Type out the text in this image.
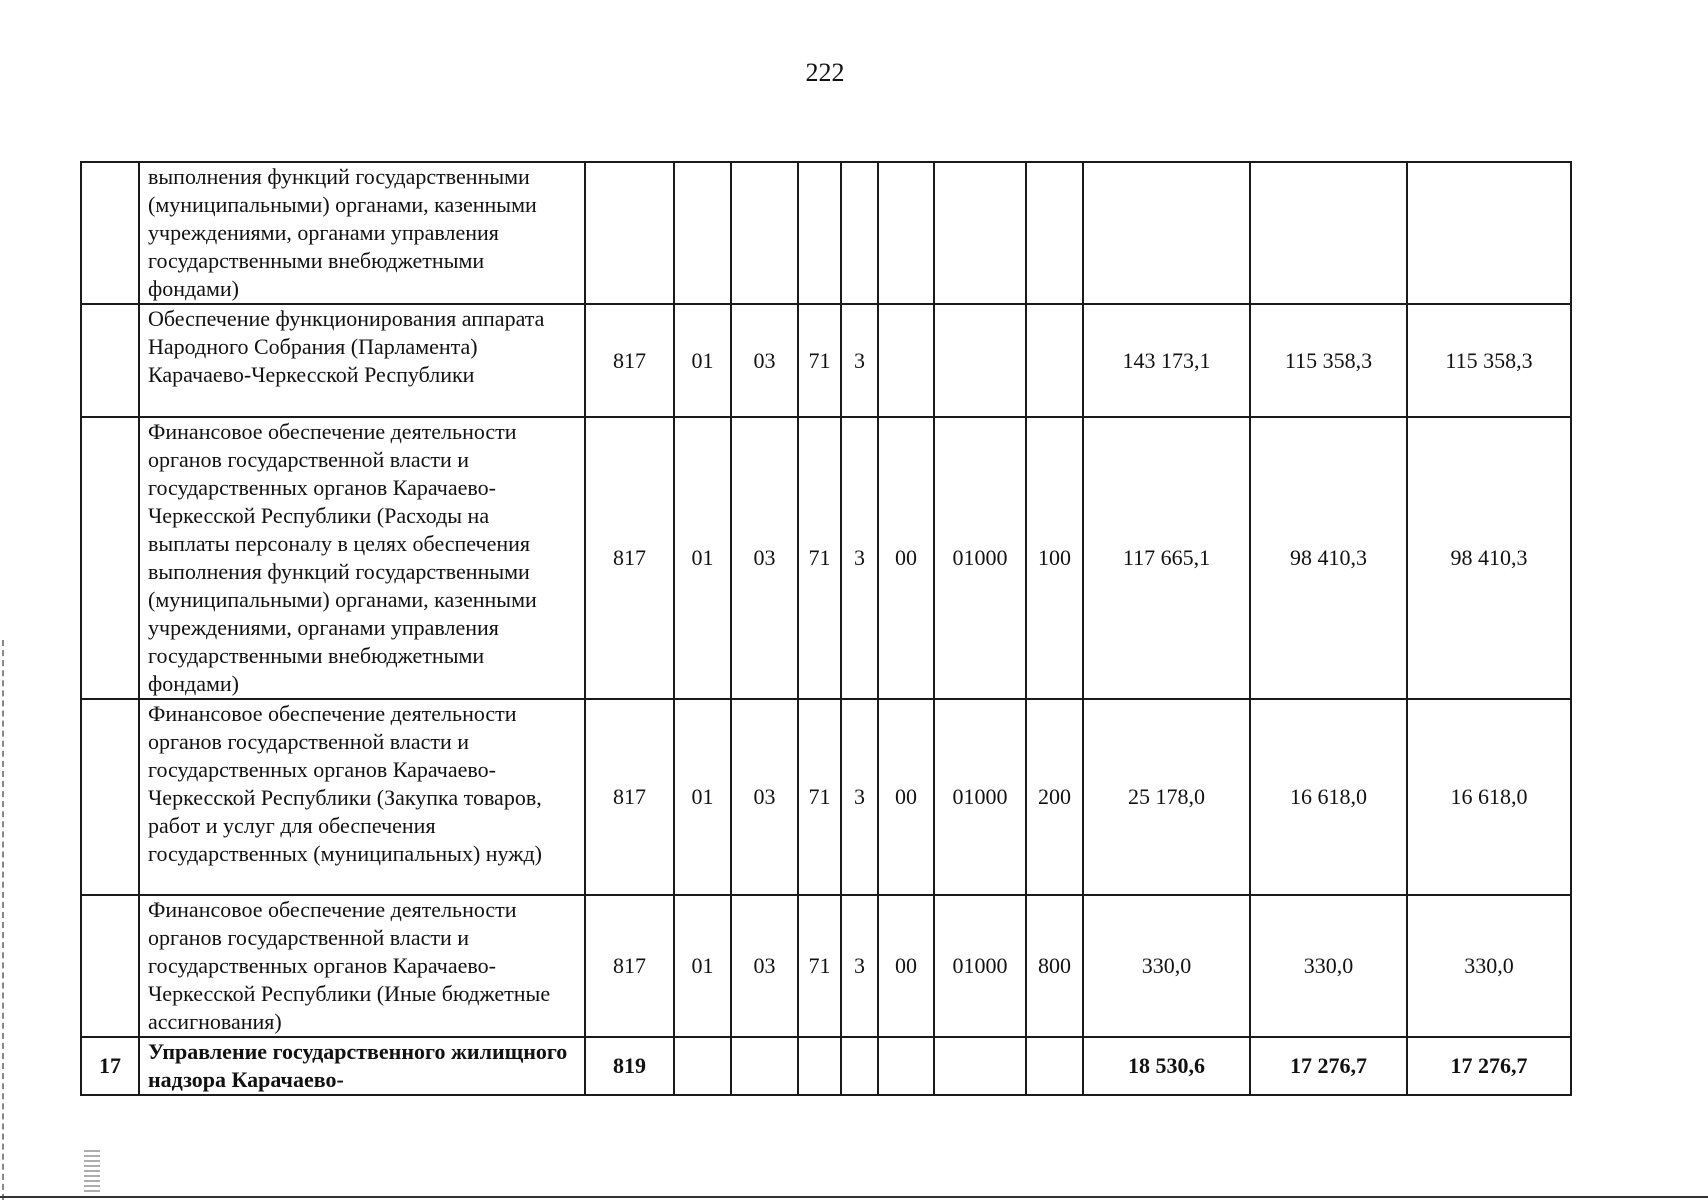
222
	выполнения функций государственными (муниципальными) органами, казенными учреждениями, органами управления государственными внебюджетными фондами)											
	Обеспечение функционирования аппарата Народного Собрания (Парламента) Карачаево-Черкесской Республики	817	01	03	71	3				143 173,1	115 358,3	115 358,3
	Финансовое обеспечение деятельности органов государственной власти и государственных органов Карачаево-Черкесской Республики (Расходы на выплаты персоналу в целях обеспечения выполнения функций государственными (муниципальными) органами, казенными учреждениями, органами управления государственными внебюджетными фондами)	817	01	03	71	3	00	01000	100	117 665,1	98 410,3	98 410,3
	Финансовое обеспечение деятельности органов государственной власти и государственных органов Карачаево-Черкесской Республики (Закупка товаров, работ и услуг для обеспечения государственных (муниципальных) нужд)	817	01	03	71	3	00	01000	200	25 178,0	16 618,0	16 618,0
	Финансовое обеспечение деятельности органов государственной власти и государственных органов Карачаево-Черкесской Республики (Иные бюджетные ассигнования)	817	01	03	71	3	00	01000	800	330,0	330,0	330,0
17	Управление государственного жилищного надзора Карачаево-	819								18 530,6	17 276,7	17 276,7
